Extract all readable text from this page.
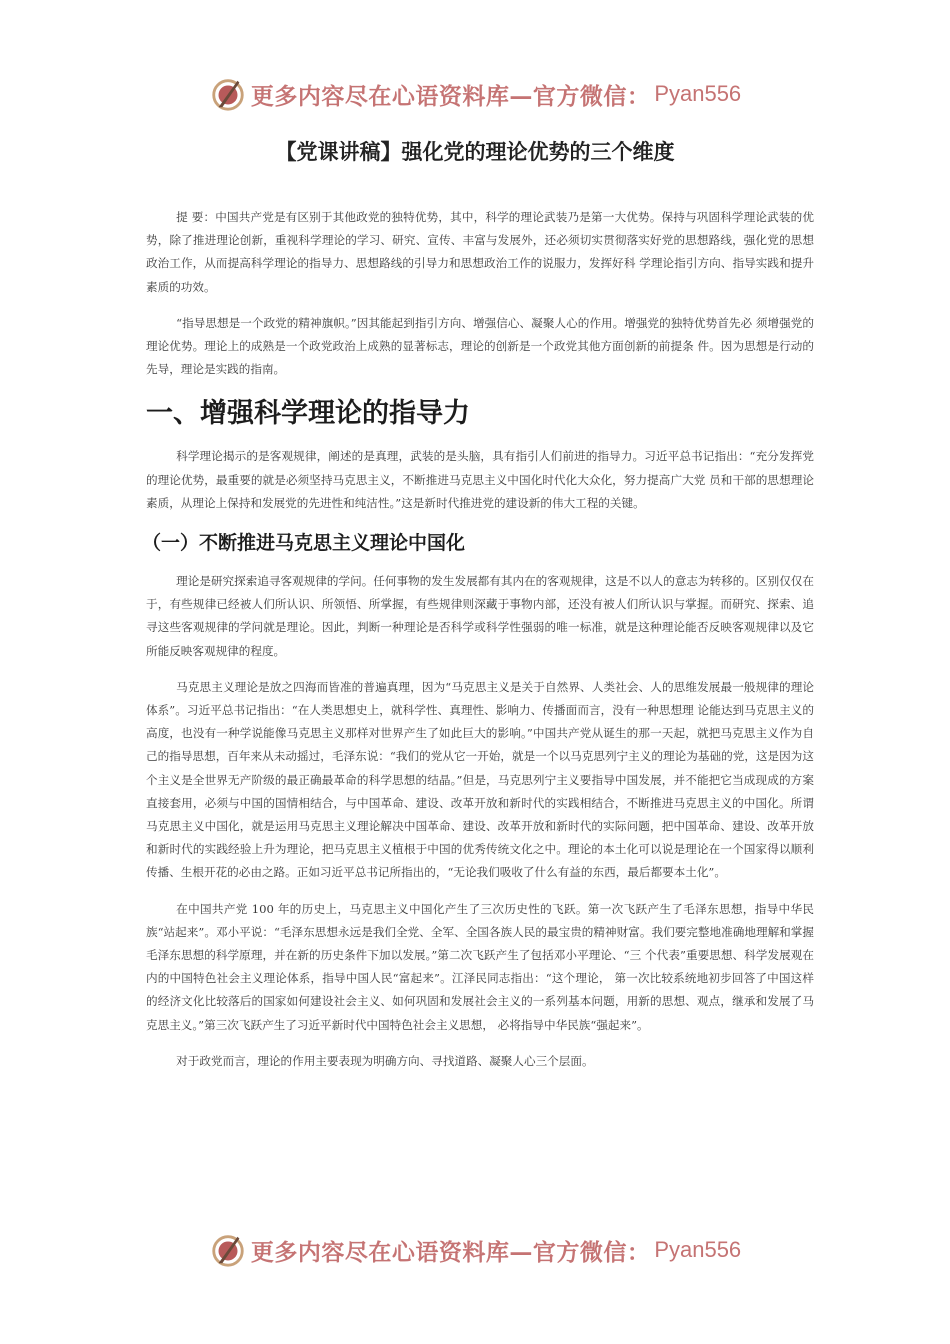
更多内容尽在心语资料库—官方微信： Pyan556
【党课讲稿】强化党的理论优势的三个维度

提 要：中国共产党是有区别于其他政党的独特优势，其中，科学的理论武装乃是第一大优势。保持与巩固科学理论武装的优势，除了推进理论创新，重视科学理论的学习、研究、宣传、丰富与发展外，还必须切实贯彻落实好党的思想路线，强化党的思想政治工作，从而提高科学理论的指导力、思想路线的引导力和思想政治工作的说服力，发挥好科 学理论指引方向、指导实践和提升素质的功效。

“指导思想是一个政党的精神旗帜。”因其能起到指引方向、增强信心、凝聚人心的作用。增强党的独特优势首先必 须增强党的理论优势。理论上的成熟是一个政党政治上成熟的显著标志，理论的创新是一个政党其他方面创新的前提条 件。因为思想是行动的先导，理论是实践的指南。

一、增强科学理论的指导力

科学理论揭示的是客观规律，阐述的是真理，武装的是头脑，具有指引人们前进的指导力。习近平总书记指出：“充分发挥党的理论优势，最重要的就是必须坚持马克思主义，不断推进马克思主义中国化时代化大众化，努力提高广大党 员和干部的思想理论素质，从理论上保持和发展党的先进性和纯洁性。”这是新时代推进党的建设新的伟大工程的关键。

（一）不断推进马克思主义理论中国化

理论是研究探索追寻客观规律的学问。任何事物的发生发展都有其内在的客观规律，这是不以人的意志为转移的。区别仅仅在于，有些规律已经被人们所认识、所领悟、所掌握，有些规律则深藏于事物内部，还没有被人们所认识与掌握。而研究、探索、追寻这些客观规律的学问就是理论。因此，判断一种理论是否科学或科学性强弱的唯一标准，就是这种理论能否反映客观规律以及它所能反映客观规律的程度。

马克思主义理论是放之四海而皆准的普遍真理，因为“马克思主义是关于自然界、人类社会、人的思维发展最一般规律的理论体系”。习近平总书记指出：“在人类思想史上，就科学性、真理性、影响力、传播面而言，没有一种思想理 论能达到马克思主义的高度，也没有一种学说能像马克思主义那样对世界产生了如此巨大的影响。”中国共产党从诞生的那一天起，就把马克思主义作为自己的指导思想，百年来从未动摇过，毛泽东说：“我们的党从它一开始，就是一个以马克思列宁主义的理论为基础的党，这是因为这个主义是全世界无产阶级的最正确最革命的科学思想的结晶。”但是，马克思列宁主义要指导中国发展，并不能把它当成现成的方案直接套用，必须与中国的国情相结合，与中国革命、建设、改革开放和新时代的实践相结合，不断推进马克思主义的中国化。所谓马克思主义中国化，就是运用马克思主义理论解决中国革命、建设、改革开放和新时代的实际问题，把中国革命、建设、改革开放和新时代的实践经验上升为理论，把马克思主义植根于中国的优秀传统文化之中。理论的本土化可以说是理论在一个国家得以顺利传播、生根开花的必由之路。正如习近平总书记所指出的，“无论我们吸收了什么有益的东西，最后都要本土化”。

在中国共产党 100 年的历史上，马克思主义中国化产生了三次历史性的飞跃。第一次飞跃产生了毛泽东思想，指导中华民族“站起来”。邓小平说：“毛泽东思想永远是我们全党、全军、全国各族人民的最宝贵的精神财富。我们要完整地准确地理解和掌握毛泽东思想的科学原理，并在新的历史条件下加以发展。”第二次飞跃产生了包括邓小平理论、“三 个代表”重要思想、科学发展观在内的中国特色社会主义理论体系，指导中国人民“富起来”。江泽民同志指出：“这个理论， 第一次比较系统地初步回答了中国这样的经济文化比较落后的国家如何建设社会主义、如何巩固和发展社会主义的一系列基本问题，用新的思想、观点，继承和发展了马克思主义。”第三次飞跃产生了习近平新时代中国特色社会主义思想， 必将指导中华民族“强起来”。

对于政党而言，理论的作用主要表现为明确方向、寻找道路、凝聚人心三个层面。

更多内容尽在心语资料库—官方微信： Pyan556
